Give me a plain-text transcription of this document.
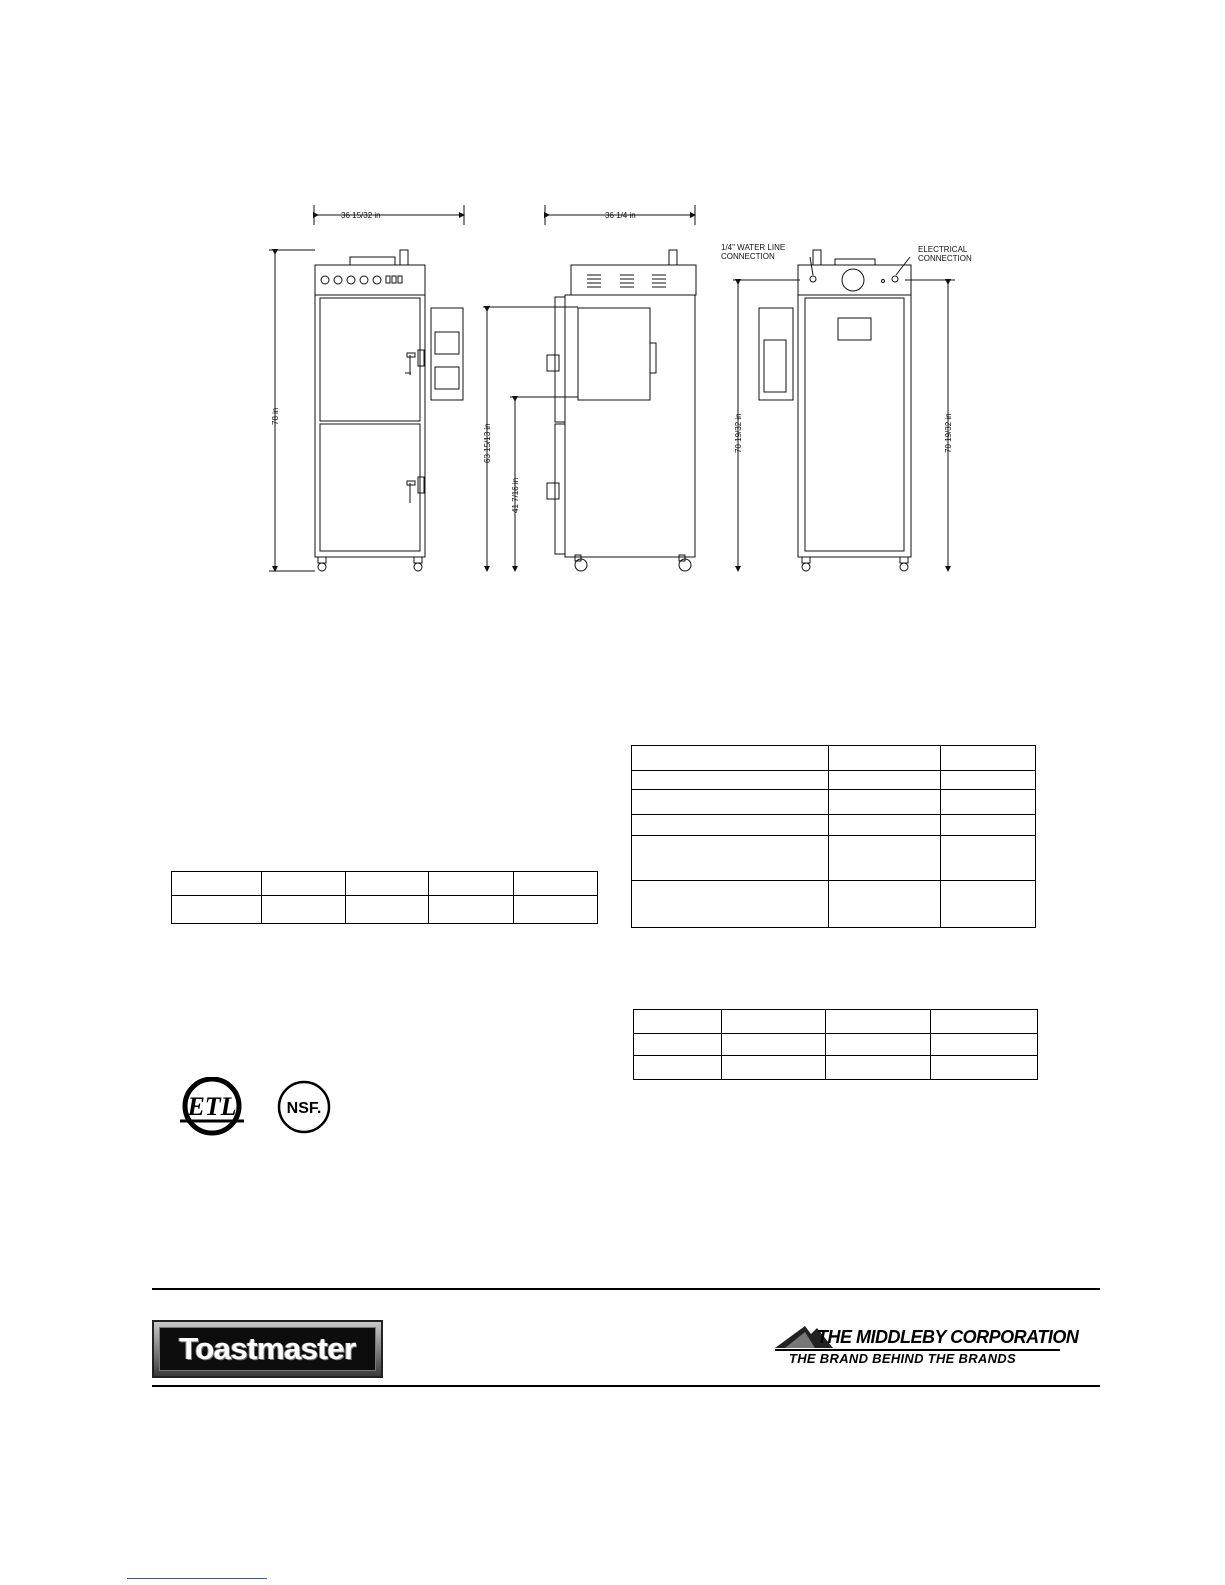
36 15/32 in
78 in
36 1/4 in
63 15/13 in
41 7/16 in
1/4" WATER LINE
CONNECTION
ELECTRICAL
CONNECTION
70 19/32 in	70 19/32 in

ETL	NSF.
Toastmaster	THE MIDDLEBY CORPORATION
THE BRAND BEHIND THE BRANDS
